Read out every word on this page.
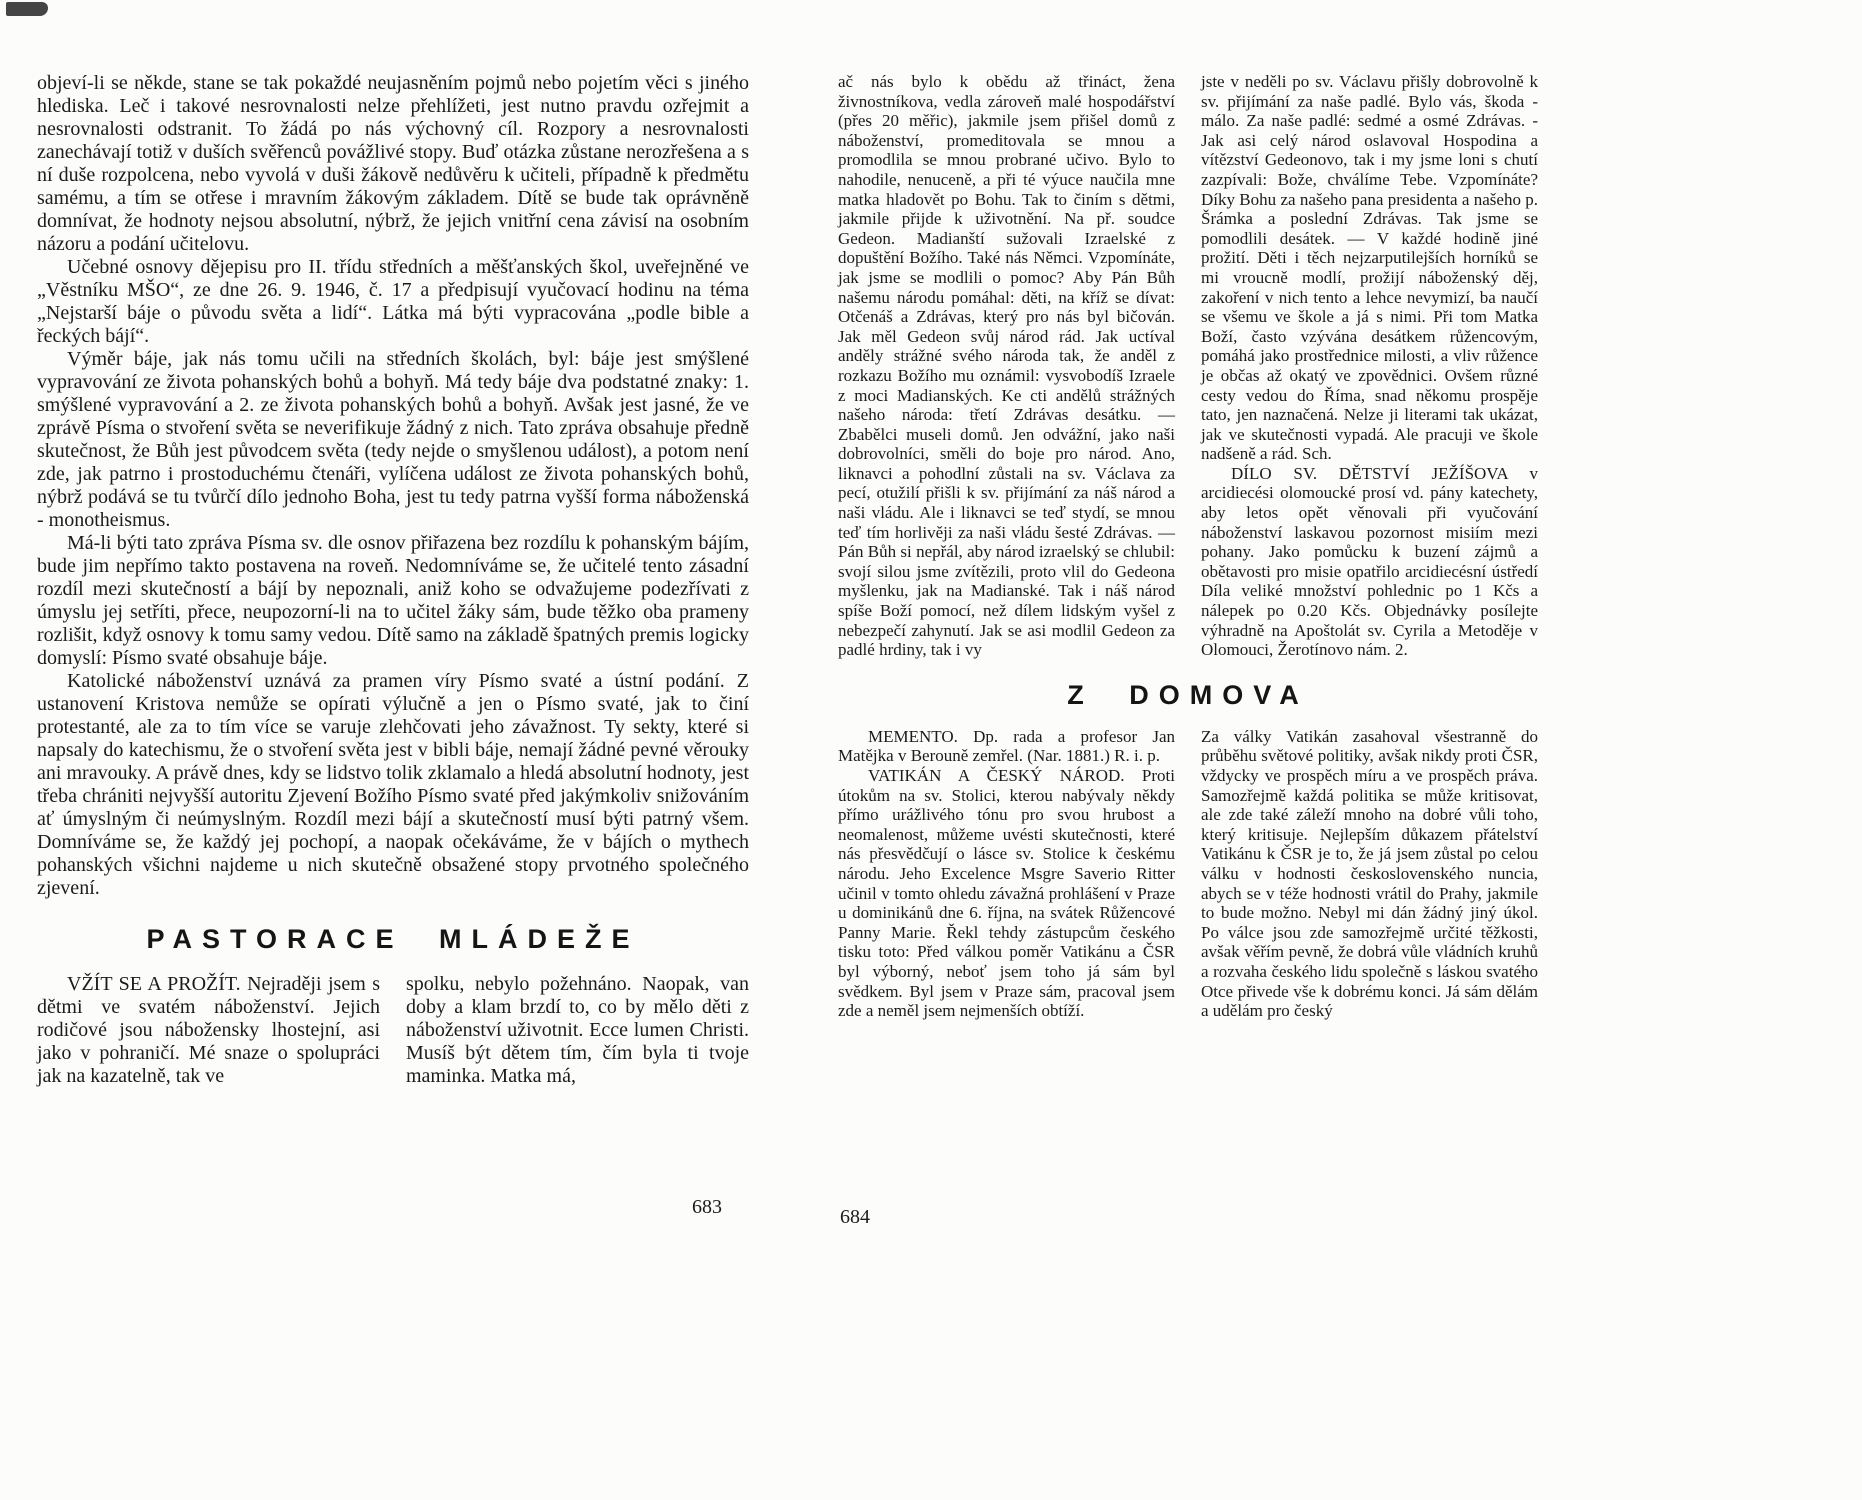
objeví-li se někde, stane se tak pokaždé neujasněním pojmů nebo pojetím věci s jiného hlediska. Leč i takové nesrovnalosti nelze přehlížeti, jest nutno pravdu ozřejmit a nesrovnalosti odstranit. To žádá po nás výchovný cíl. Rozpory a nesrovnalosti zanechávají totiž v duších svěřenců povážlivé stopy. Buď otázka zůstane nerozřešena a s ní duše rozpolcena, nebo vyvolá v duši žákově nedůvěru k učiteli, případně k předmětu samému, a tím se otřese i mravním žákovým základem. Dítě se bude tak oprávněně domnívat, že hodnoty nejsou absolutní, nýbrž, že jejich vnitřní cena závisí na osobním názoru a podání učitelovu.

Učebné osnovy dějepisu pro II. třídu středních a měšťanských škol, uveřejněné ve „Věstníku MŠO“, ze dne 26. 9. 1946, č. 17 a předpisují vyučovací hodinu na téma „Nejstarší báje o původu světa a lidí“. Látka má býti vypracována „podle bible a řeckých bájí“.

Výměr báje, jak nás tomu učili na středních školách, byl: báje jest smýšlené vypravování ze života pohanských bohů a bohyň. Má tedy báje dva podstatné znaky: 1. smýšlené vypravování a 2. ze života pohanských bohů a bohyň. Avšak jest jasné, že ve zprávě Písma o stvoření světa se neverifikuje žádný z nich. Tato zpráva obsahuje předně skutečnost, že Bůh jest původcem světa (tedy nejde o smyšlenou událost), a potom není zde, jak patrno i prostoduchému čtenáři, vylíčena událost ze života pohanských bohů, nýbrž podává se tu tvůrčí dílo jednoho Boha, jest tu tedy patrna vyšší forma náboženská - monotheismus.

Má-li býti tato zpráva Písma sv. dle osnov přiřazena bez rozdílu k pohanským bájím, bude jim nepřímo takto postavena na roveň. Nedomníváme se, že učitelé tento zásadní rozdíl mezi skutečností a bájí by nepoznali, aniž koho se odvažujeme podezřívati z úmyslu jej setříti, přece, neupozorní-li na to učitel žáky sám, bude těžko oba prameny rozlišit, když osnovy k tomu samy vedou. Dítě samo na základě špatných premis logicky domyslí: Písmo svaté obsahuje báje.

Katolické náboženství uznává za pramen víry Písmo svaté a ústní podání. Z ustanovení Kristova nemůže se opírati výlučně a jen o Písmo svaté, jak to činí protestanté, ale za to tím více se varuje zlehčovati jeho závažnost. Ty sekty, které si napsaly do katechismu, že o stvoření světa jest v bibli báje, nemají žádné pevné věrouky ani mravouky. A právě dnes, kdy se lidstvo tolik zklamalo a hledá absolutní hodnoty, jest třeba chrániti nejvyšší autoritu Zjevení Božího Písmo svaté před jakýmkoliv snižováním ať úmyslným či neúmyslným. Rozdíl mezi bájí a skutečností musí býti patrný všem. Domníváme se, že každý jej pochopí, a naopak očekáváme, že v bájích o mythech pohanských všichni najdeme u nich skutečně obsažené stopy prvotného společného zjevení.

PASTORACE MLÁDEŽE

VŽÍT SE A PROŽÍT. Nejraději jsem s dětmi ve svatém náboženství. Jejich rodičové jsou nábožensky lhostejní, asi jako v pohraničí. Mé snaze o spolupráci jak na kazatelně, tak ve

spolku, nebylo požehnáno. Naopak, van doby a klam brzdí to, co by mělo děti z náboženství uživotnit. Ecce lumen Christi. Musíš být dětem tím, čím byla ti tvoje maminka. Matka má,

ač nás bylo k obědu až třináct, žena živnostníkova, vedla zároveň malé hospodářství (přes 20 měřic), jakmile jsem přišel domů z náboženství, promeditovala se mnou a promodlila se mnou probrané učivo. Bylo to nahodile, nenuceně, a při té výuce naučila mne matka hladovět po Bohu. Tak to činím s dětmi, jakmile přijde k uživotnění. Na př. soudce Gedeon. Madianští sužovali Izraelské z dopuštění Božího. Také nás Němci. Vzpomínáte, jak jsme se modlili o pomoc? Aby Pán Bůh našemu národu pomáhal: děti, na kříž se dívat: Otčenáš a Zdrávas, který pro nás byl bičován. Jak měl Gedeon svůj národ rád. Jak uctíval anděly strážné svého národa tak, že anděl z rozkazu Božího mu oznámil: vysvobodíš Izraele z moci Madianských. Ke cti andělů strážných našeho národa: třetí Zdrávas desátku. — Zbabělci museli domů. Jen odvážní, jako naši dobrovolníci, směli do boje pro národ. Ano, liknavci a pohodlní zůstali na sv. Václava za pecí, otužilí přišli k sv. přijímání za náš národ a naši vládu. Ale i liknavci se teď stydí, se mnou teď tím horlivěji za naši vládu šesté Zdrávas. — Pán Bůh si nepřál, aby národ izraelský se chlubil: svojí silou jsme zvítězili, proto vlil do Gedeona myšlenku, jak na Madianské. Tak i náš národ spíše Boží pomocí, než dílem lidským vyšel z nebezpečí zahynutí. Jak se asi modlil Gedeon za padlé hrdiny, tak i vy

jste v neděli po sv. Václavu přišly dobrovolně k sv. přijímání za naše padlé. Bylo vás, škoda - málo. Za naše padlé: sedmé a osmé Zdrávas. - Jak asi celý národ oslavoval Hospodina a vítězství Gedeonovo, tak i my jsme loni s chutí zazpívali: Bože, chválíme Tebe. Vzpomínáte? Díky Bohu za našeho pana presidenta a našeho p. Šrámka a poslední Zdrávas. Tak jsme se pomodlili desátek. — V každé hodině jiné prožití. Děti i těch nejzarputilejších horníků se mi vroucně modlí, prožijí náboženský děj, zakoření v nich tento a lehce nevymizí, ba naučí se všemu ve škole a já s nimi. Při tom Matka Boží, často vzývána desátkem růžencovým, pomáhá jako prostřednice milosti, a vliv růžence je občas až okatý ve zpovědnici. Ovšem různé cesty vedou do Říma, snad někomu prospěje tato, jen naznačená. Nelze ji literami tak ukázat, jak ve skutečnosti vypadá. Ale pracuji ve škole nadšeně a rád. Sch.

DÍLO SV. DĚTSTVÍ JEŽÍŠOVA v arcidiecési olomoucké prosí vd. pány katechety, aby letos opět věnovali při vyučování náboženství laskavou pozornost misiím mezi pohany. Jako pomůcku k buzení zájmů a obětavosti pro misie opatřilo arcidiecésní ústředí Díla veliké množství pohlednic po 1 Kčs a nálepek po 0.20 Kčs. Objednávky posílejte výhradně na Apoštolát sv. Cyrila a Metoděje v Olomouci, Žerotínovo nám. 2.

Z DOMOVA

MEMENTO. Dp. rada a profesor Jan Matějka v Berouně zemřel. (Nar. 1881.) R. i. p.

VATIKÁN A ČESKÝ NÁROD. Proti útokům na sv. Stolici, kterou nabývaly někdy přímo urážlivého tónu pro svou hrubost a neomalenost, můžeme uvésti skutečnosti, které nás přesvědčují o lásce sv. Stolice k českému národu. Jeho Excelence Msgre Saverio Ritter učinil v tomto ohledu závažná prohlášení v Praze u dominikánů dne 6. října, na svátek Růžencové Panny Marie. Řekl tehdy zástupcům českého tisku toto: Před válkou poměr Vatikánu a ČSR byl výborný, neboť jsem toho já sám byl svědkem. Byl jsem v Praze sám, pracoval jsem zde a neměl jsem nejmenších obtíží.

Za války Vatikán zasahoval všestranně do průběhu světové politiky, avšak nikdy proti ČSR, vždycky ve prospěch míru a ve prospěch práva. Samozřejmě každá politika se může kritisovat, ale zde také záleží mnoho na dobré vůli toho, který kritisuje. Nejlepším důkazem přátelství Vatikánu k ČSR je to, že já jsem zůstal po celou válku v hodnosti československého nuncia, abych se v téže hodnosti vrátil do Prahy, jakmile to bude možno. Nebyl mi dán žádný jiný úkol. Po válce jsou zde samozřejmě určité těžkosti, avšak věřím pevně, že dobrá vůle vládních kruhů a rozvaha českého lidu společně s láskou svatého Otce přivede vše k dobrému konci. Já sám dělám a udělám pro český

683	684
